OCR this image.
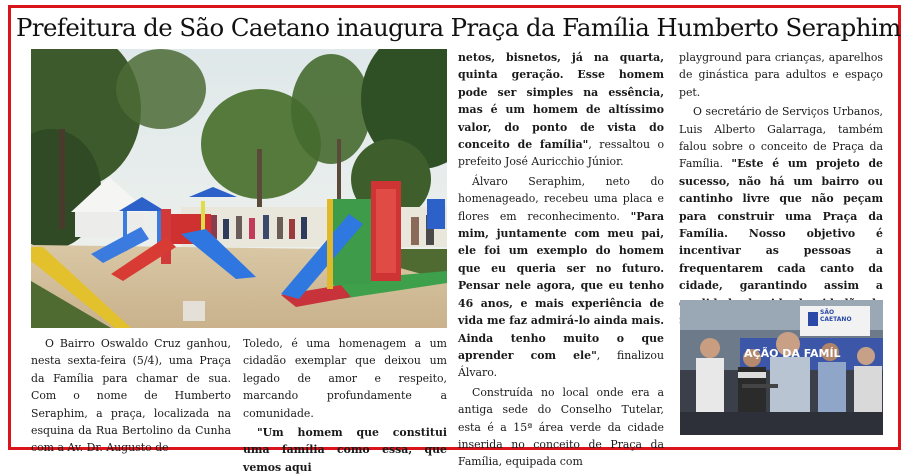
Prefeitura de São Caetano inaugura Praça da Família Humberto Seraphim

O Bairro Oswaldo Cruz ganhou, nesta sexta-feira (5/4), uma Praça da Família para chamar de sua. Com o nome de Humberto Seraphim, a praça, localizada na esquina da Rua Bertolino da Cunha com a Av. Dr. Augusto de

Toledo, é uma homenagem a um cidadão exemplar que deixou um legado de amor e respeito, marcando profundamente a comunidade.

"Um homem que constitui uma família como essa, que vemos aqui

netos, bisnetos, já na quarta, quinta geração. Esse homem pode ser simples na essência, mas é um homem de altíssimo valor, do ponto de vista do conceito de família", ressaltou o prefeito José Auricchio Júnior.

Álvaro Seraphim, neto do homenageado, recebeu uma placa e flores em reconhecimento. "Para mim, juntamente com meu pai, ele foi um exemplo do homem que eu queria ser no futuro. Pensar nele agora, que eu tenho 46 anos, e mais experiência de vida me faz admirá-lo ainda mais. Ainda tenho muito o que aprender com ele", finalizou Álvaro.

Construída no local onde era a antiga sede do Conselho Tutelar, esta é a 15ª área verde da cidade inserida no conceito de Praça da Família, equipada com

playground para crianças, aparelhos de ginástica para adultos e espaço pet.

O secretário de Serviços Urbanos, Luis Alberto Galarraga, também falou sobre o conceito de Praça da Família. "Este é um projeto de sucesso, não há um bairro ou cantinho livre que não peçam para construir uma Praça da Família. Nosso objetivo é incentivar as pessoas a frequentarem cada canto da cidade, garantindo assim a

SÃO
CAETANO
AÇÃO DA FAMÍL
